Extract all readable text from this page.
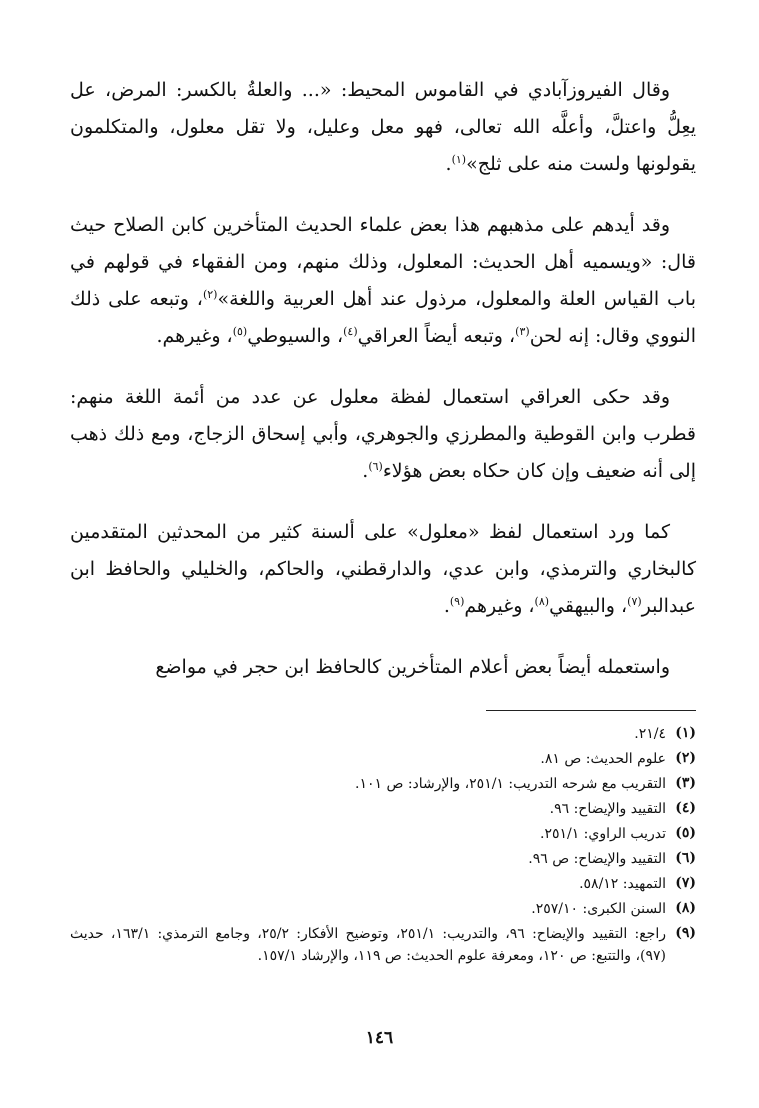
وقال الفيروزآبادي في القاموس المحيط: «... والعلةُ بالكسر: المرض، عل يعِلُّ واعتلَّ، وأعلَّه الله تعالى، فهو معل وعليل، ولا تقل معلول، والمتكلمون يقولونها ولست منه على ثلج»$^{(١)}$.

وقد أيدهم على مذهبهم هذا بعض علماء الحديث المتأخرين كابن الصلاح حيث قال: «ويسميه أهل الحديث: المعلول، وذلك منهم، ومن الفقهاء في قولهم في باب القياس العلة والمعلول، مرذول عند أهل العربية واللغة»$^{(٢)}$، وتبعه على ذلك النووي وقال: إنه لحن$^{(٣)}$، وتبعه أيضاً العراقي$^{(٤)}$، والسيوطي$^{(٥)}$، وغيرهم.

وقد حكى العراقي استعمال لفظة معلول عن عدد من أئمة اللغة منهم: قطرب وابن القوطية والمطرزي والجوهري، وأبي إسحاق الزجاج، ومع ذلك ذهب إلى أنه ضعيف وإن كان حكاه بعض هؤلاء$^{(٦)}$.

كما ورد استعمال لفظ «معلول» على ألسنة كثير من المحدثين المتقدمين كالبخاري والترمذي، وابن عدي، والدارقطني، والحاكم، والخليلي والحافظ ابن عبدالبر$^{(٧)}$، والبيهقي$^{(٨)}$، وغيرهم$^{(٩)}$.

واستعمله أيضاً بعض أعلام المتأخرين كالحافظ ابن حجر في مواضع

(١)
٢١/٤.
(٢)
علوم الحديث: ص ٨١.
(٣)
التقريب مع شرحه التدريب: ٢٥١/١، والإرشاد: ص ١٠١.
(٤)
التقييد والإيضاح: ٩٦.
(٥)
تدريب الراوي: ٢٥١/١.
(٦)
التقييد والإيضاح: ص ٩٦.
(٧)
التمهيد: ٥٨/١٢.
(٨)
السنن الكبرى: ٢٥٧/١٠.
(٩)
راجع: التقييد والإيضاح: ٩٦، والتدريب: ٢٥١/١، وتوضيح الأفكار: ٢٥/٢، وجامع الترمذي: ١٦٣/١، حديث (٩٧)، والتتبع: ص ١٢٠، ومعرفة علوم الحديث: ص ١١٩، والإرشاد ١٥٧/١.
١٤٦
